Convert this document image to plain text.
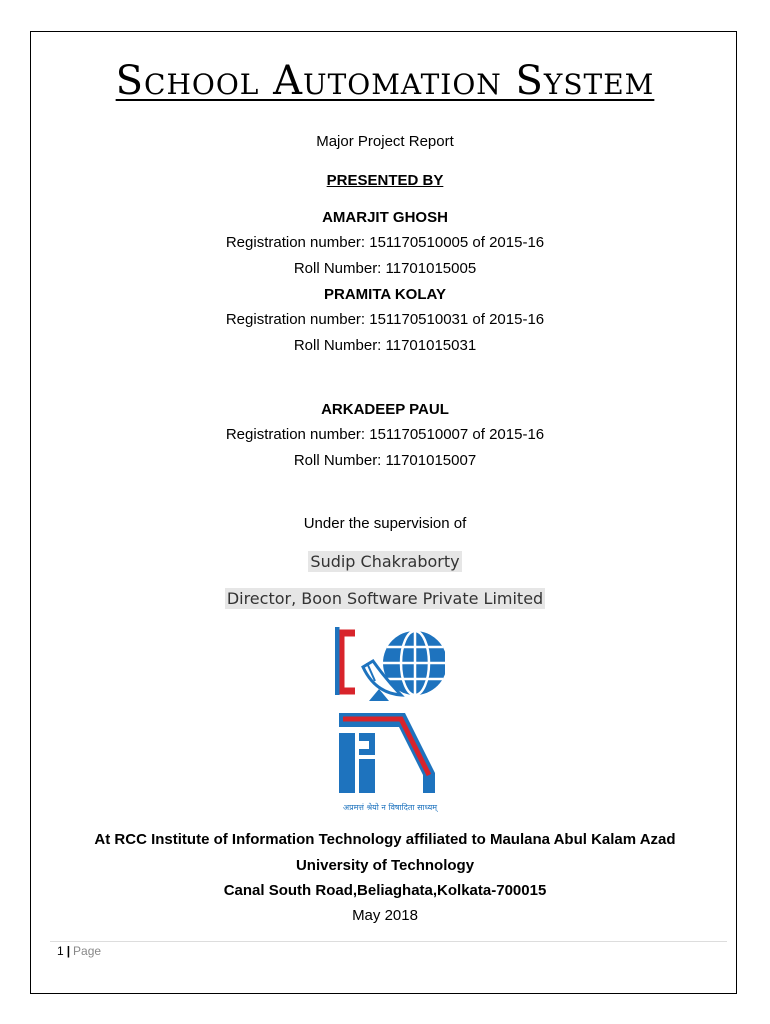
School Automation System
Major Project Report
PRESENTED BY
AMARJIT GHOSH
Registration number: 151170510005 of 2015-16
Roll Number: 11701015005
PRAMITA KOLAY
Registration number: 151170510031 of 2015-16
Roll Number: 11701015031
ARKADEEP PAUL
Registration number: 151170510007 of 2015-16
Roll Number: 11701015007
Under the supervision of
Sudip Chakraborty
Director, Boon Software Private Limited
अप्रमत्तं श्रेयो न विषादिता साध्यम्
At RCC Institute of Information Technology affiliated to Maulana Abul Kalam Azad
University of Technology
Canal South Road,Beliaghata,Kolkata-700015
May 2018
1 | Page
